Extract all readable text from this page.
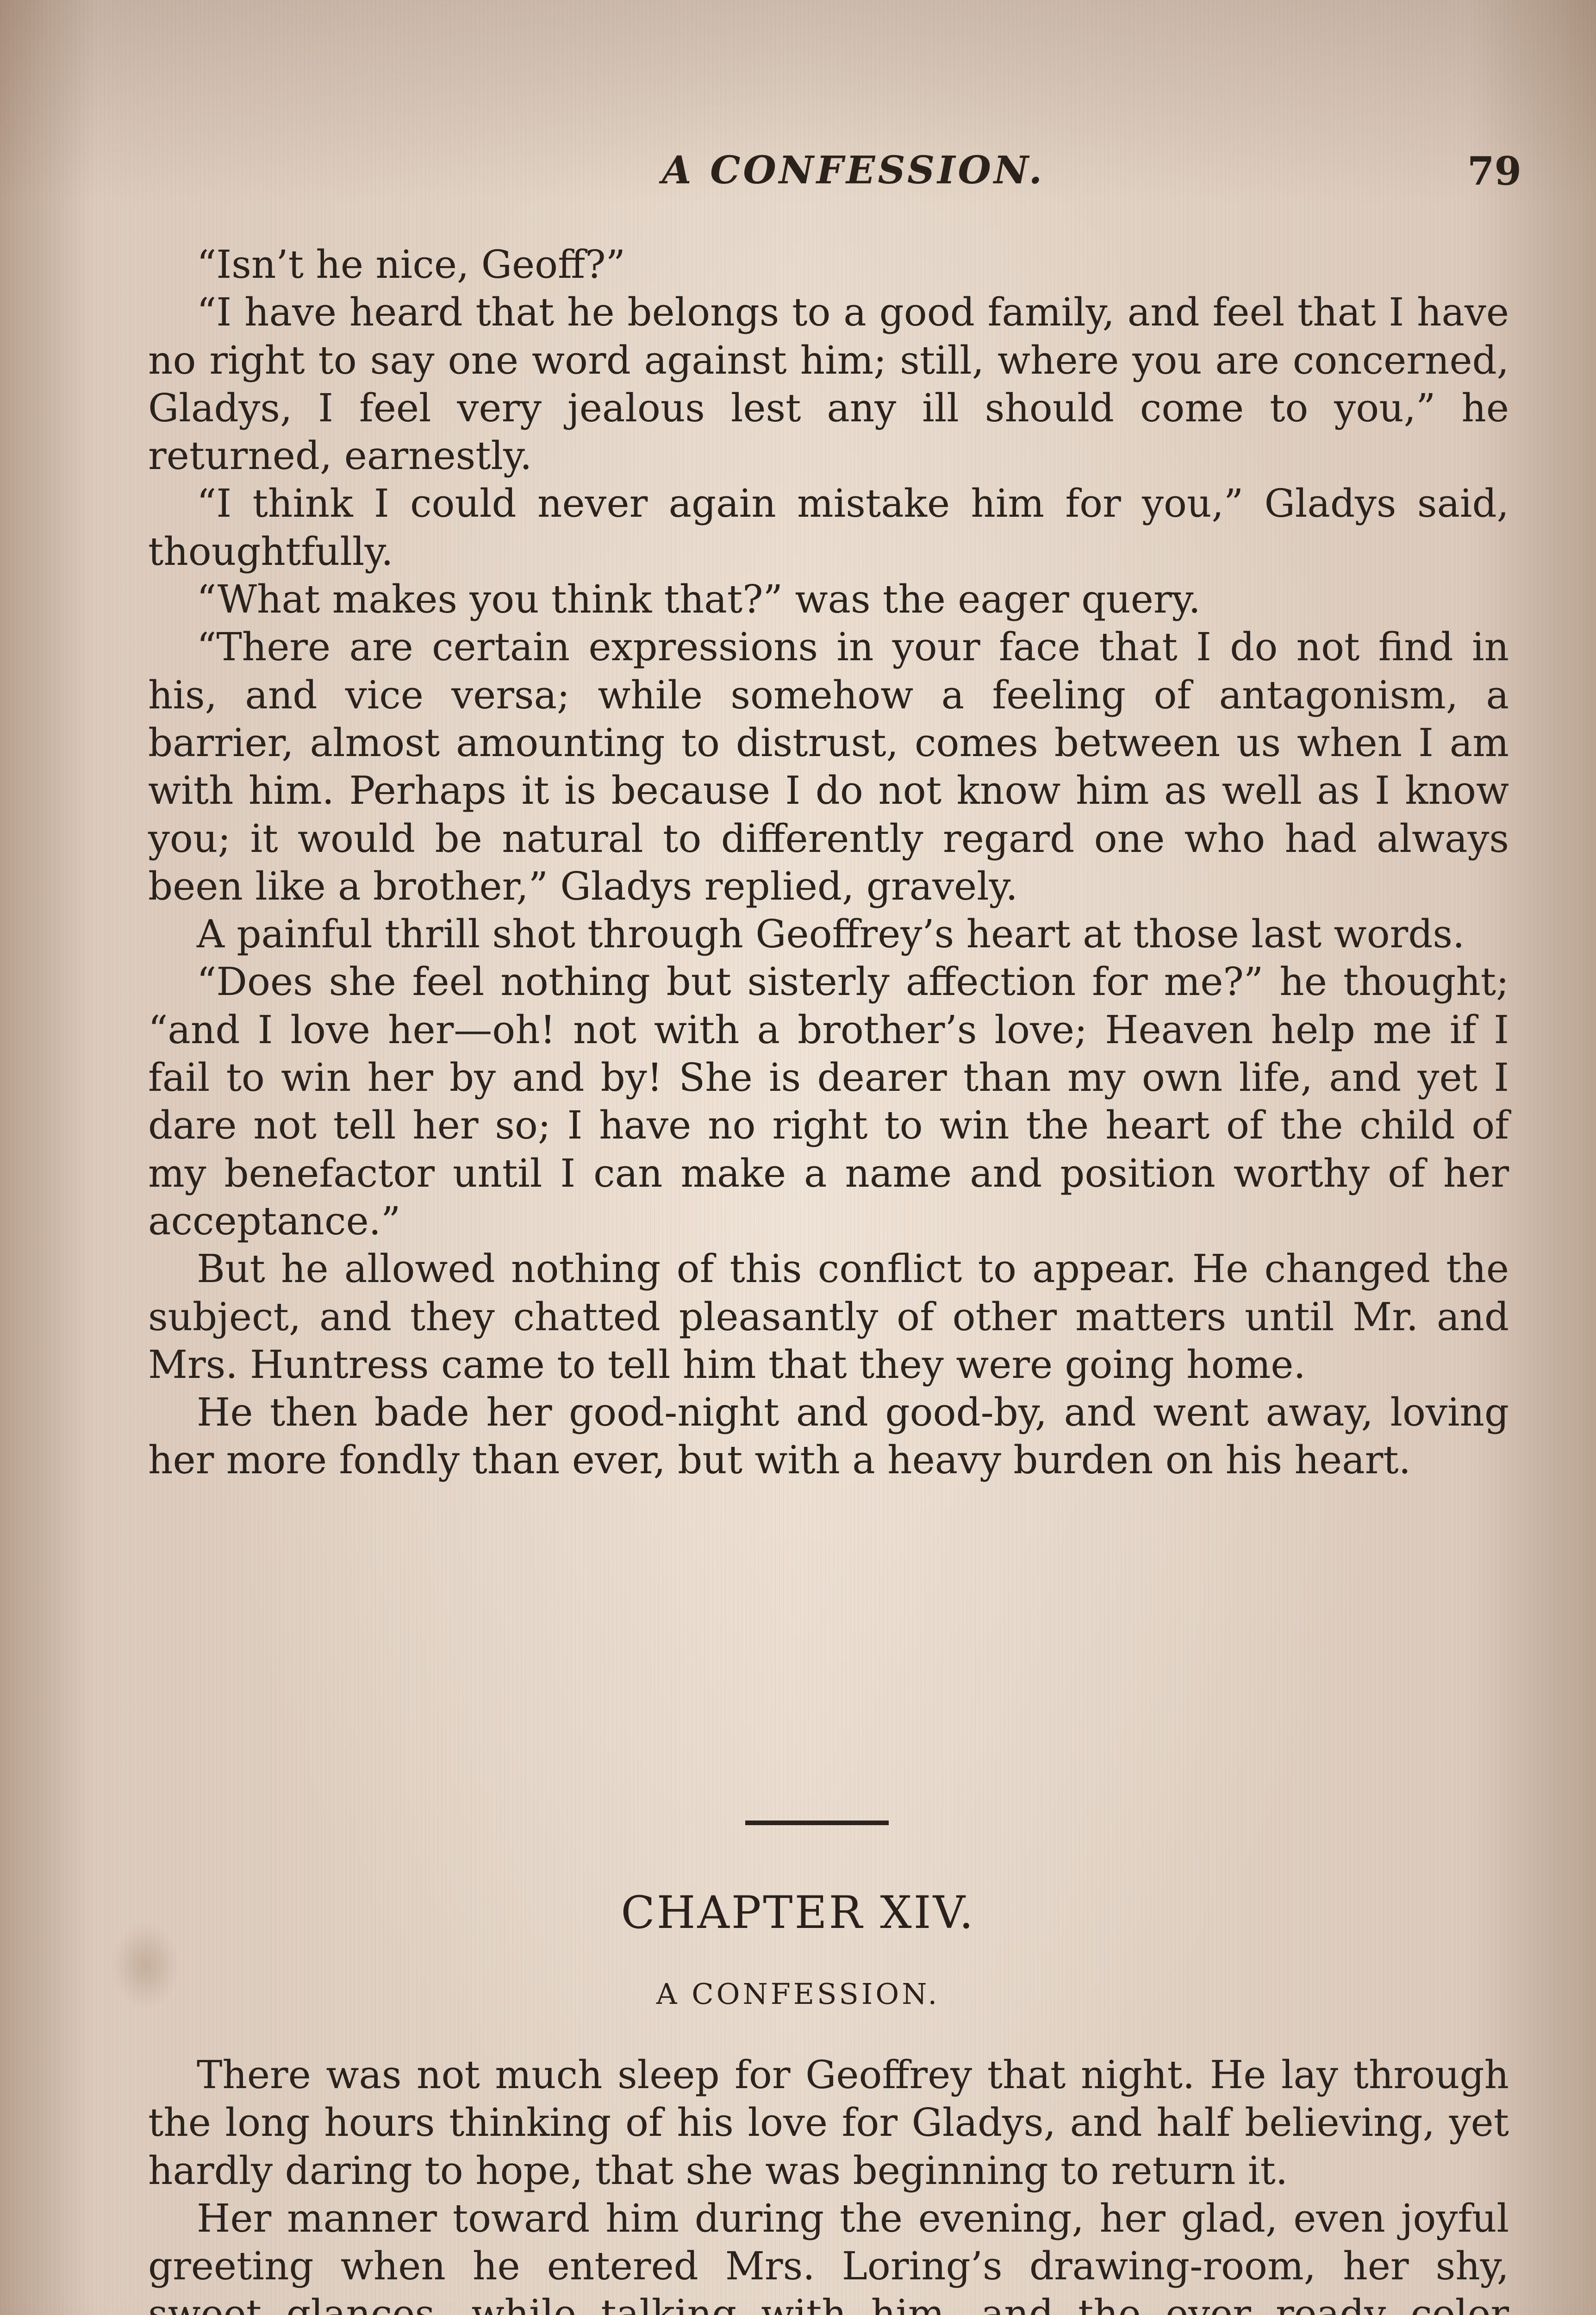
A CONFESSION.	79

“Isn’t he nice, Geoff?”

“I have heard that he belongs to a good family, and feel that I have no right to say one word against him; still, where you are concerned, Gladys, I feel very jealous lest any ill should come to you,” he returned, earnestly.

“I think I could never again mistake him for you,” Gladys said, thoughtfully.

“What makes you think that?” was the eager query.

“There are certain expressions in your face that I do not find in his, and vice versa; while somehow a feeling of antagonism, a barrier, almost amounting to distrust, comes between us when I am with him. Perhaps it is because I do not know him as well as I know you; it would be natural to differently regard one who had always been like a brother,” Gladys replied, gravely.

A painful thrill shot through Geoffrey’s heart at those last words.

“Does she feel nothing but sisterly affection for me?” he thought; “and I love her—oh! not with a brother’s love; Heaven help me if I fail to win her by and by! She is dearer than my own life, and yet I dare not tell her so; I have no right to win the heart of the child of my benefactor until I can make a name and position worthy of her acceptance.”

But he allowed nothing of this conflict to appear. He changed the subject, and they chatted pleasantly of other matters until Mr. and Mrs. Huntress came to tell him that they were going home.

He then bade her good-night and good-by, and went away, loving her more fondly than ever, but with a heavy burden on his heart.

CHAPTER XIV.
A CONFESSION.

There was not much sleep for Geoffrey that night. He lay through the long hours thinking of his love for Gladys, and half believing, yet hardly daring to hope, that she was beginning to return it.

Her manner toward him during the evening, her glad, even joyful greeting when he entered Mrs. Loring’s drawing-room, her shy, sweet glances, while talking with him, and the ever ready color
